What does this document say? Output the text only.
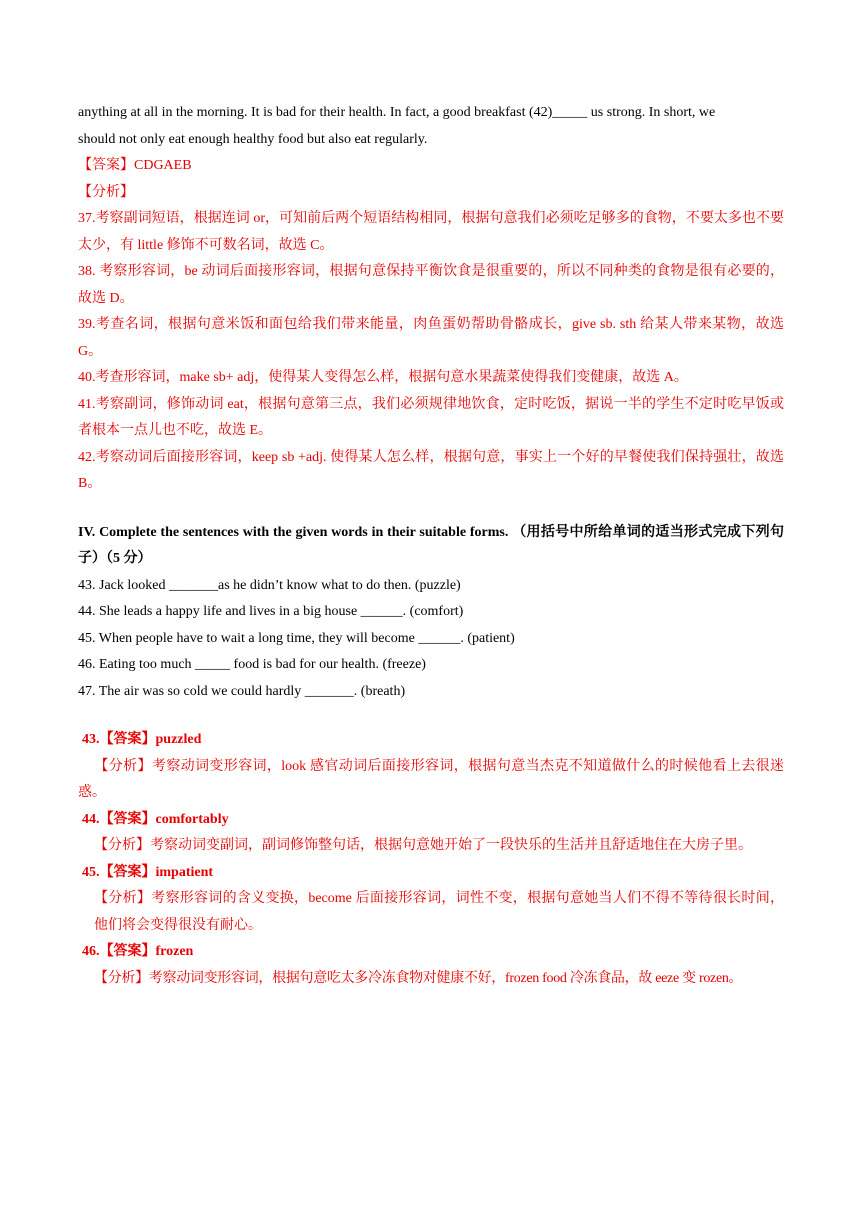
anything at all in the morning. It is bad for their health. In fact, a good breakfast (42)_____ us strong. In short, we

should not only eat enough healthy food but also eat regularly.

【答案】CDGAEB

【分析】

37.考察副词短语，根据连词 or，可知前后两个短语结构相同，根据句意我们必须吃足够多的食物，不要太多也不要太少，有 little 修饰不可数名词，故选 C。

38. 考察形容词，be 动词后面接形容词，根据句意保持平衡饮食是很重要的，所以不同种类的食物是很有必要的，故选 D。

39.考查名词，根据句意米饭和面包给我们带来能量，肉鱼蛋奶帮助骨骼成长，give sb. sth 给某人带来某物，故选 G。

40.考查形容词，make sb+ adj，使得某人变得怎么样，根据句意水果蔬菜使得我们变健康，故选 A。

41.考察副词，修饰动词 eat，根据句意第三点，我们必须规律地饮食，定时吃饭，据说一半的学生不定时吃早饭或者根本一点儿也不吃，故选 E。

42.考察动词后面接形容词，keep sb +adj. 使得某人怎么样，根据句意，事实上一个好的早餐使我们保持强壮，故选 B。

IV. Complete the sentences with the given words in their suitable forms. （用括号中所给单词的适当形式完成下列句子）（5 分）

43. Jack looked _______as he didn’t know what to do then. (puzzle)

44. She leads a happy life and lives in a big house ______. (comfort)

45. When people have to wait a long time, they will become ______. (patient)

46. Eating too much _____ food is bad for our health. (freeze)

47. The air was so cold we could hardly _______. (breath)

43.【答案】puzzled

【分析】考察动词变形容词，look 感官动词后面接形容词，根据句意当杰克不知道做什么的时候他看上去很迷惑。

44.【答案】comfortably

【分析】考察动词变副词，副词修饰整句话，根据句意她开始了一段快乐的生活并且舒适地住在大房子里。

45.【答案】impatient

【分析】考察形容词的含义变换，become 后面接形容词，词性不变，根据句意她当人们不得不等待很长时间，他们将会变得很没有耐心。

46.【答案】frozen

【分析】考察动词变形容词，根据句意吃太多冷冻食物对健康不好，frozen food 冷冻食品，故 eeze 变 rozen。
